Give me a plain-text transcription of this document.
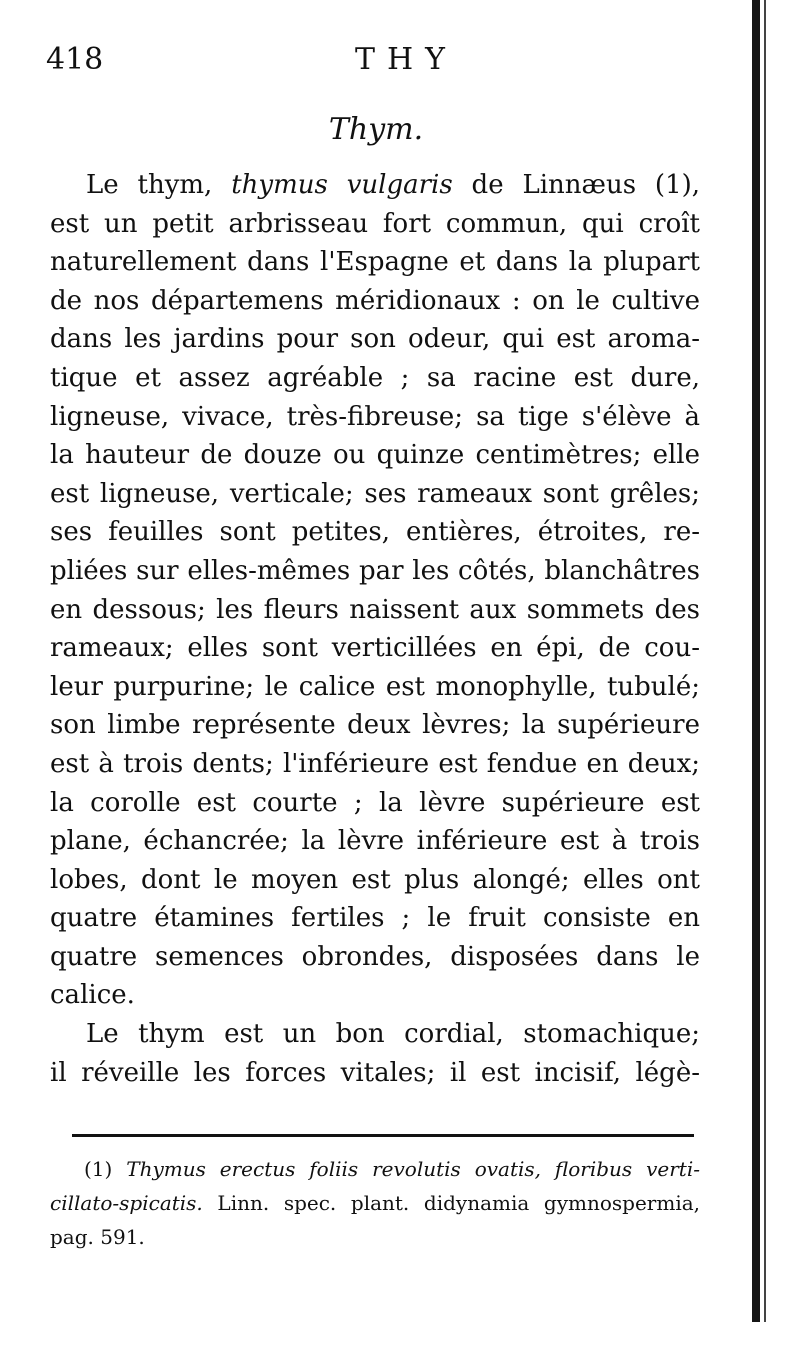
418	THY
Thym.
Le thym, thymus vulgaris de Linnæus (1),
est un petit arbrisseau fort commun, qui croît
naturellement dans l'Espagne et dans la plupart
de nos départemens méridionaux : on le cultive
dans les jardins pour son odeur, qui est aroma-
tique et assez agréable ; sa racine est dure,
ligneuse, vivace, très-fibreuse; sa tige s'élève à
la hauteur de douze ou quinze centimètres; elle
est ligneuse, verticale; ses rameaux sont grêles;
ses feuilles sont petites, entières, étroites, re-
pliées sur elles-mêmes par les côtés, blanchâtres
en dessous; les fleurs naissent aux sommets des
rameaux; elles sont verticillées en épi, de cou-
leur purpurine; le calice est monophylle, tubulé;
son limbe représente deux lèvres; la supérieure
est à trois dents; l'inférieure est fendue en deux;
la corolle est courte ; la lèvre supérieure est
plane, échancrée; la lèvre inférieure est à trois
lobes, dont le moyen est plus alongé; elles ont
quatre étamines fertiles ; le fruit consiste en
quatre semences obrondes, disposées dans le
calice.
Le thym est un bon cordial, stomachique;
il réveille les forces vitales; il est incisif, légè-
(1) Thymus erectus foliis revolutis ovatis, floribus verti-
cillato-spicatis. Linn. spec. plant. didynamia gymnospermia,
pag. 591.
